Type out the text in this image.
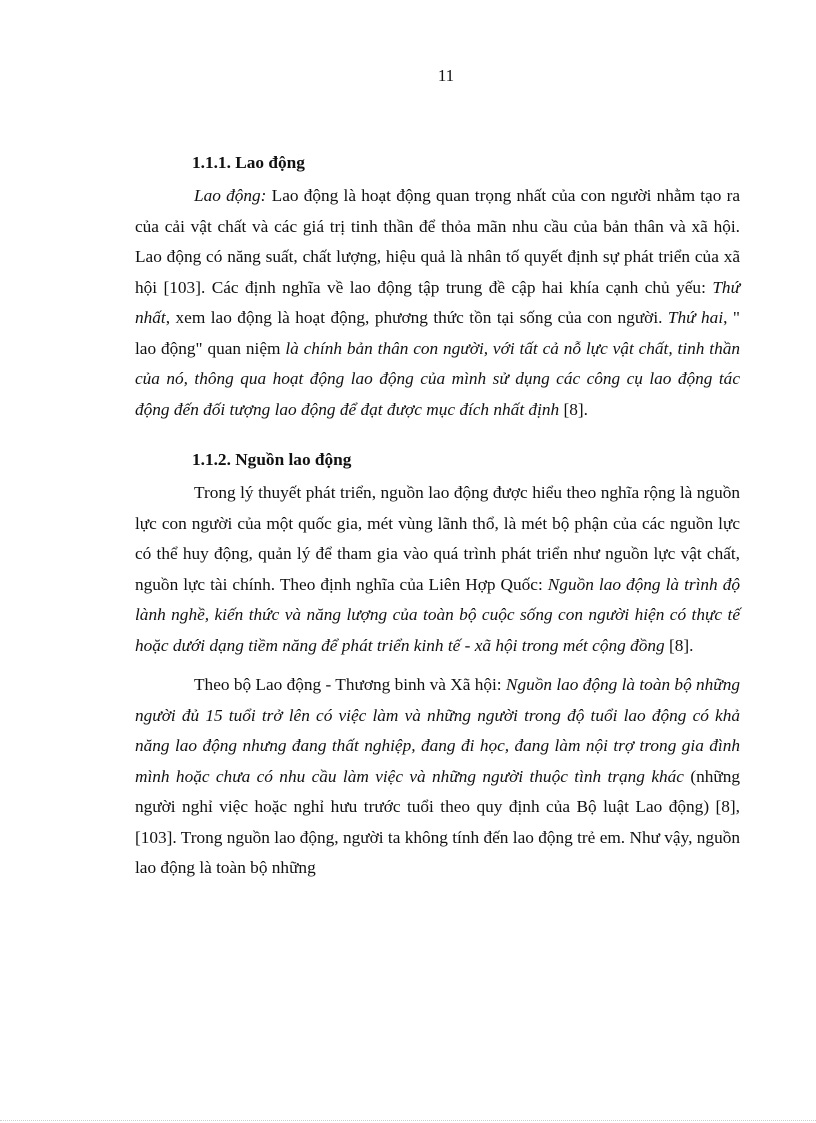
11
1.1.1. Lao động

Lao động: Lao động là hoạt động quan trọng nhất của con người nhằm tạo ra của cải vật chất và các giá trị tinh thần để thỏa mãn nhu cầu của bản thân và xã hội. Lao động có năng suất, chất lượng, hiệu quả là nhân tố quyết định sự phát triển của xã hội [103]. Các định nghĩa về lao động tập trung đề cập hai khía cạnh chủ yếu: Thứ nhất, xem lao động là hoạt động, phương thức tồn tại sống của con người. Thứ hai, " lao động" quan niệm là chính bản thân con người, với tất cả nỗ lực vật chất, tinh thần của nó, thông qua hoạt động lao động của mình sử dụng các công cụ lao động tác động đến đối tượng lao động để đạt được mục đích nhất định [8].

1.1.2. Nguồn lao động

Trong lý thuyết phát triển, nguồn lao động được hiểu theo nghĩa rộng là nguồn lực con người của một quốc gia, mét vùng lãnh thổ, là mét bộ phận của các nguồn lực có thể huy động, quản lý để tham gia vào quá trình phát triển như nguồn lực vật chất, nguồn lực tài chính. Theo định nghĩa của Liên Hợp Quốc: Nguồn lao động là trình độ lành nghề, kiến thức và năng lượng của toàn bộ cuộc sống con người hiện có thực tế hoặc dưới dạng tiềm năng để phát triển kinh tế - xã hội trong mét cộng đồng [8].

Theo bộ Lao động - Thương binh và Xã hội: Nguồn lao động là toàn bộ những người đủ 15 tuổi trở lên có việc làm và những người trong độ tuổi lao động có khả năng lao động nhưng đang thất nghiệp, đang đi học, đang làm nội trợ trong gia đình mình hoặc chưa có nhu cầu làm việc và những người thuộc tình trạng khác (những người nghỉ việc hoặc nghỉ hưu trước tuổi theo quy định của Bộ luật Lao động) [8], [103]. Trong nguồn lao động, người ta không tính đến lao động trẻ em. Như vậy, nguồn lao động là toàn bộ những
